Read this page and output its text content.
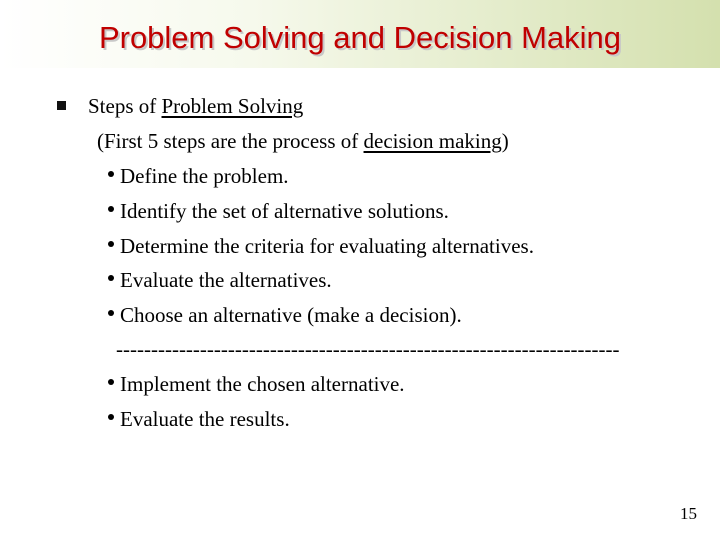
Problem Solving and Decision Making
Steps of Problem Solving
(First 5 steps are the process of decision making)
Define the problem.
Identify the set of alternative solutions.
Determine the criteria for evaluating alternatives.
Evaluate the alternatives.
Choose an alternative (make a decision).
------------------------------------------------------------------------
Implement the chosen alternative.
Evaluate the results.
15
